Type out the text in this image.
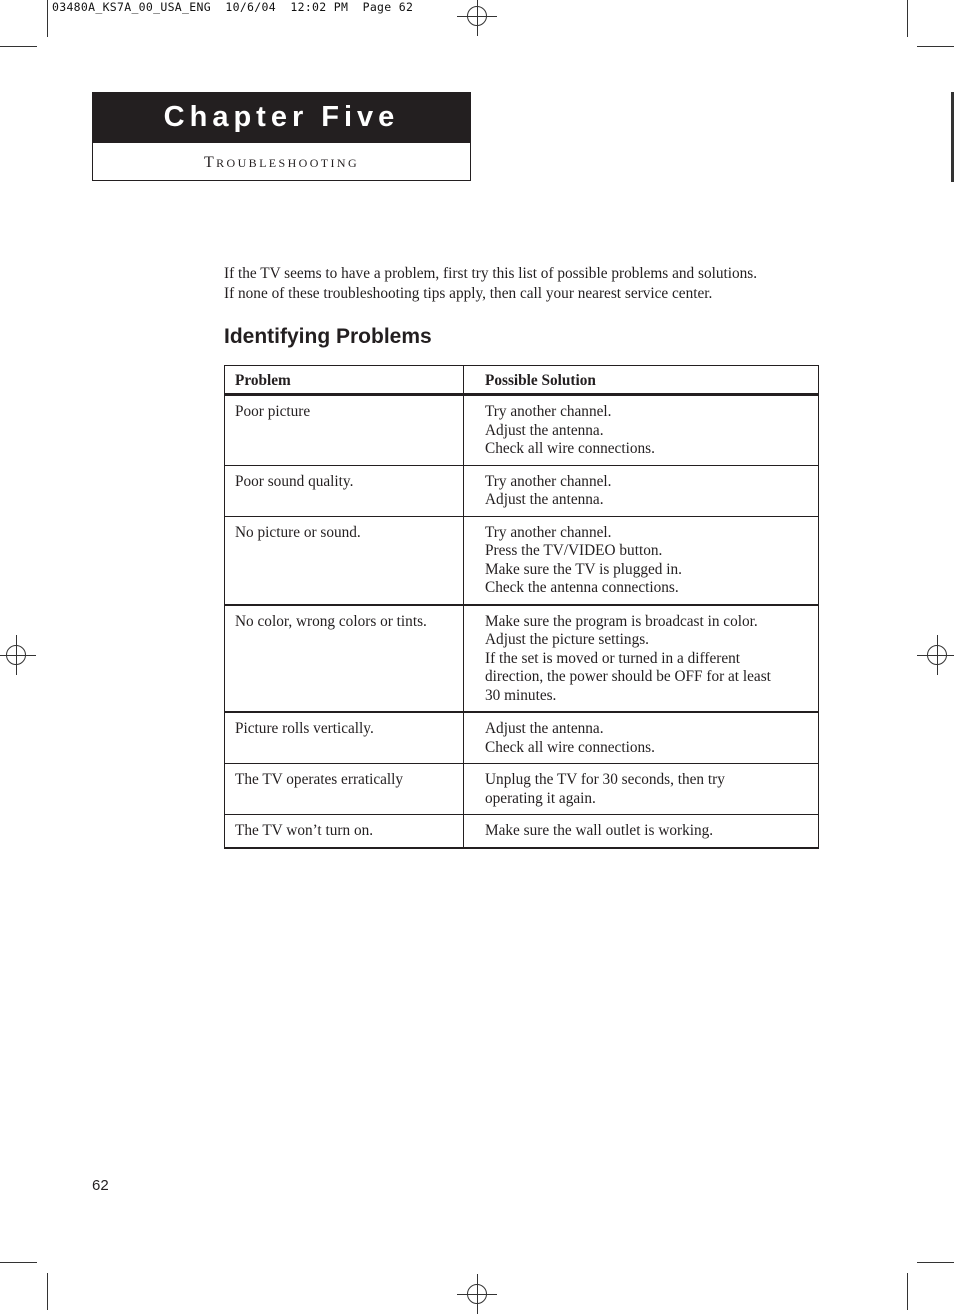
03480A_KS7A_00_USA_ENG  10/6/04  12:02 PM  Page 62
Chapter Five
TROUBLESHOOTING

If the TV seems to have a problem, first try this list of possible problems and solutions.

If none of these troubleshooting tips apply, then call your nearest service center.

Identifying Problems
Problem	Possible Solution
Poor picture	Try another channel.
Adjust the antenna.
Check all wire connections.
Poor sound quality.	Try another channel.
Adjust the antenna.
No picture or sound.	Try another channel.
Press the TV/VIDEO button.
Make sure the TV is plugged in.
Check the antenna connections.
No color, wrong colors or tints.	Make sure the program is broadcast in color.
Adjust the picture settings.
If the set is moved or turned in a different
direction, the power should be OFF for at least
30 minutes.
Picture rolls vertically.	Adjust the antenna.
Check all wire connections.
The TV operates erratically	Unplug the TV for 30 seconds, then try
operating it again.
The TV won’t turn on.	Make sure the wall outlet is working.
62
